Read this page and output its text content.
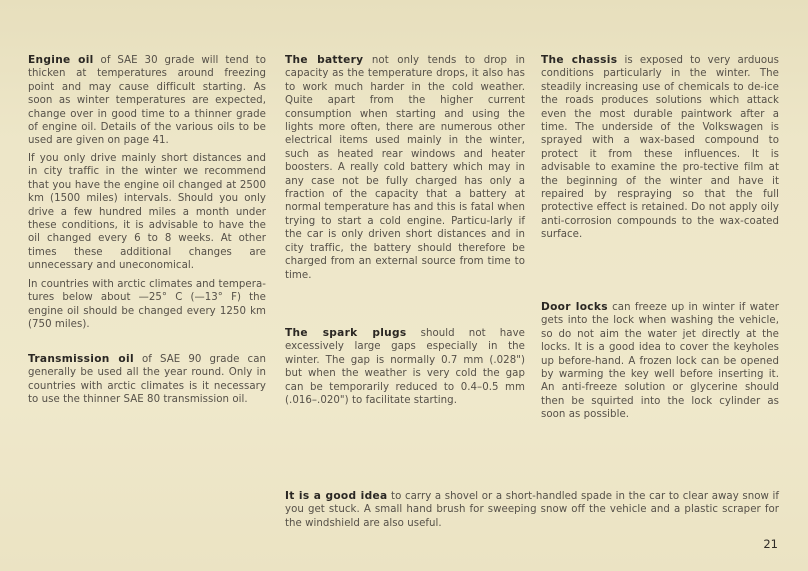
Engine oil of SAE 30 grade will tend to thicken at temperatures around freezing point and may cause difficult starting. As soon as winter temperatures are expected, change over in good time to a thinner grade of engine oil. Details of the various oils to be used are given on page 41.

If you only drive mainly short distances and in city traffic in the winter we recommend that you have the engine oil changed at 2500 km (1500 miles) intervals. Should you only drive a few hundred miles a month under these conditions, it is advisable to have the oil changed every 6 to 8 weeks. At other times these additional changes are unnecessary and uneconomical.

In countries with arctic climates and tempera-tures below about —25° C (—13° F) the engine oil should be changed every 1250 km (750 miles).

Transmission oil of SAE 90 grade can generally be used all the year round. Only in countries with arctic climates is it necessary to use the thinner SAE 80 transmission oil.

The battery not only tends to drop in capacity as the temperature drops, it also has to work much harder in the cold weather. Quite apart from the higher current consumption when starting and using the lights more often, there are numerous other electrical items used mainly in the winter, such as heated rear windows and heater boosters. A really cold battery which may in any case not be fully charged has only a fraction of the capacity that a battery at normal temperature has and this is fatal when trying to start a cold engine. Particu-larly if the car is only driven short distances and in city traffic, the battery should therefore be charged from an external source from time to time.

The spark plugs should not have excessively large gaps especially in the winter. The gap is normally 0.7 mm (.028") but when the weather is very cold the gap can be temporarily reduced to 0.4–0.5 mm (.016–.020") to facilitate starting.

The chassis is exposed to very arduous conditions particularly in the winter. The steadily increasing use of chemicals to de-ice the roads produces solutions which attack even the most durable paintwork after a time. The underside of the Volkswagen is sprayed with a wax-based compound to protect it from these influences. It is advisable to examine the pro-tective film at the beginning of the winter and have it repaired by respraying so that the full protective effect is retained. Do not apply oily anti-corrosion compounds to the wax-coated surface.

Door locks can freeze up in winter if water gets into the lock when washing the vehicle, so do not aim the water jet directly at the locks. It is a good idea to cover the keyholes up before-hand. A frozen lock can be opened by warming the key well before inserting it. An anti-freeze solution or glycerine should then be squirted into the lock cylinder as soon as possible.

It is a good idea to carry a shovel or a short-handled spade in the car to clear away snow if you get stuck. A small hand brush for sweeping snow off the vehicle and a plastic scraper for the windshield are also useful.

21
